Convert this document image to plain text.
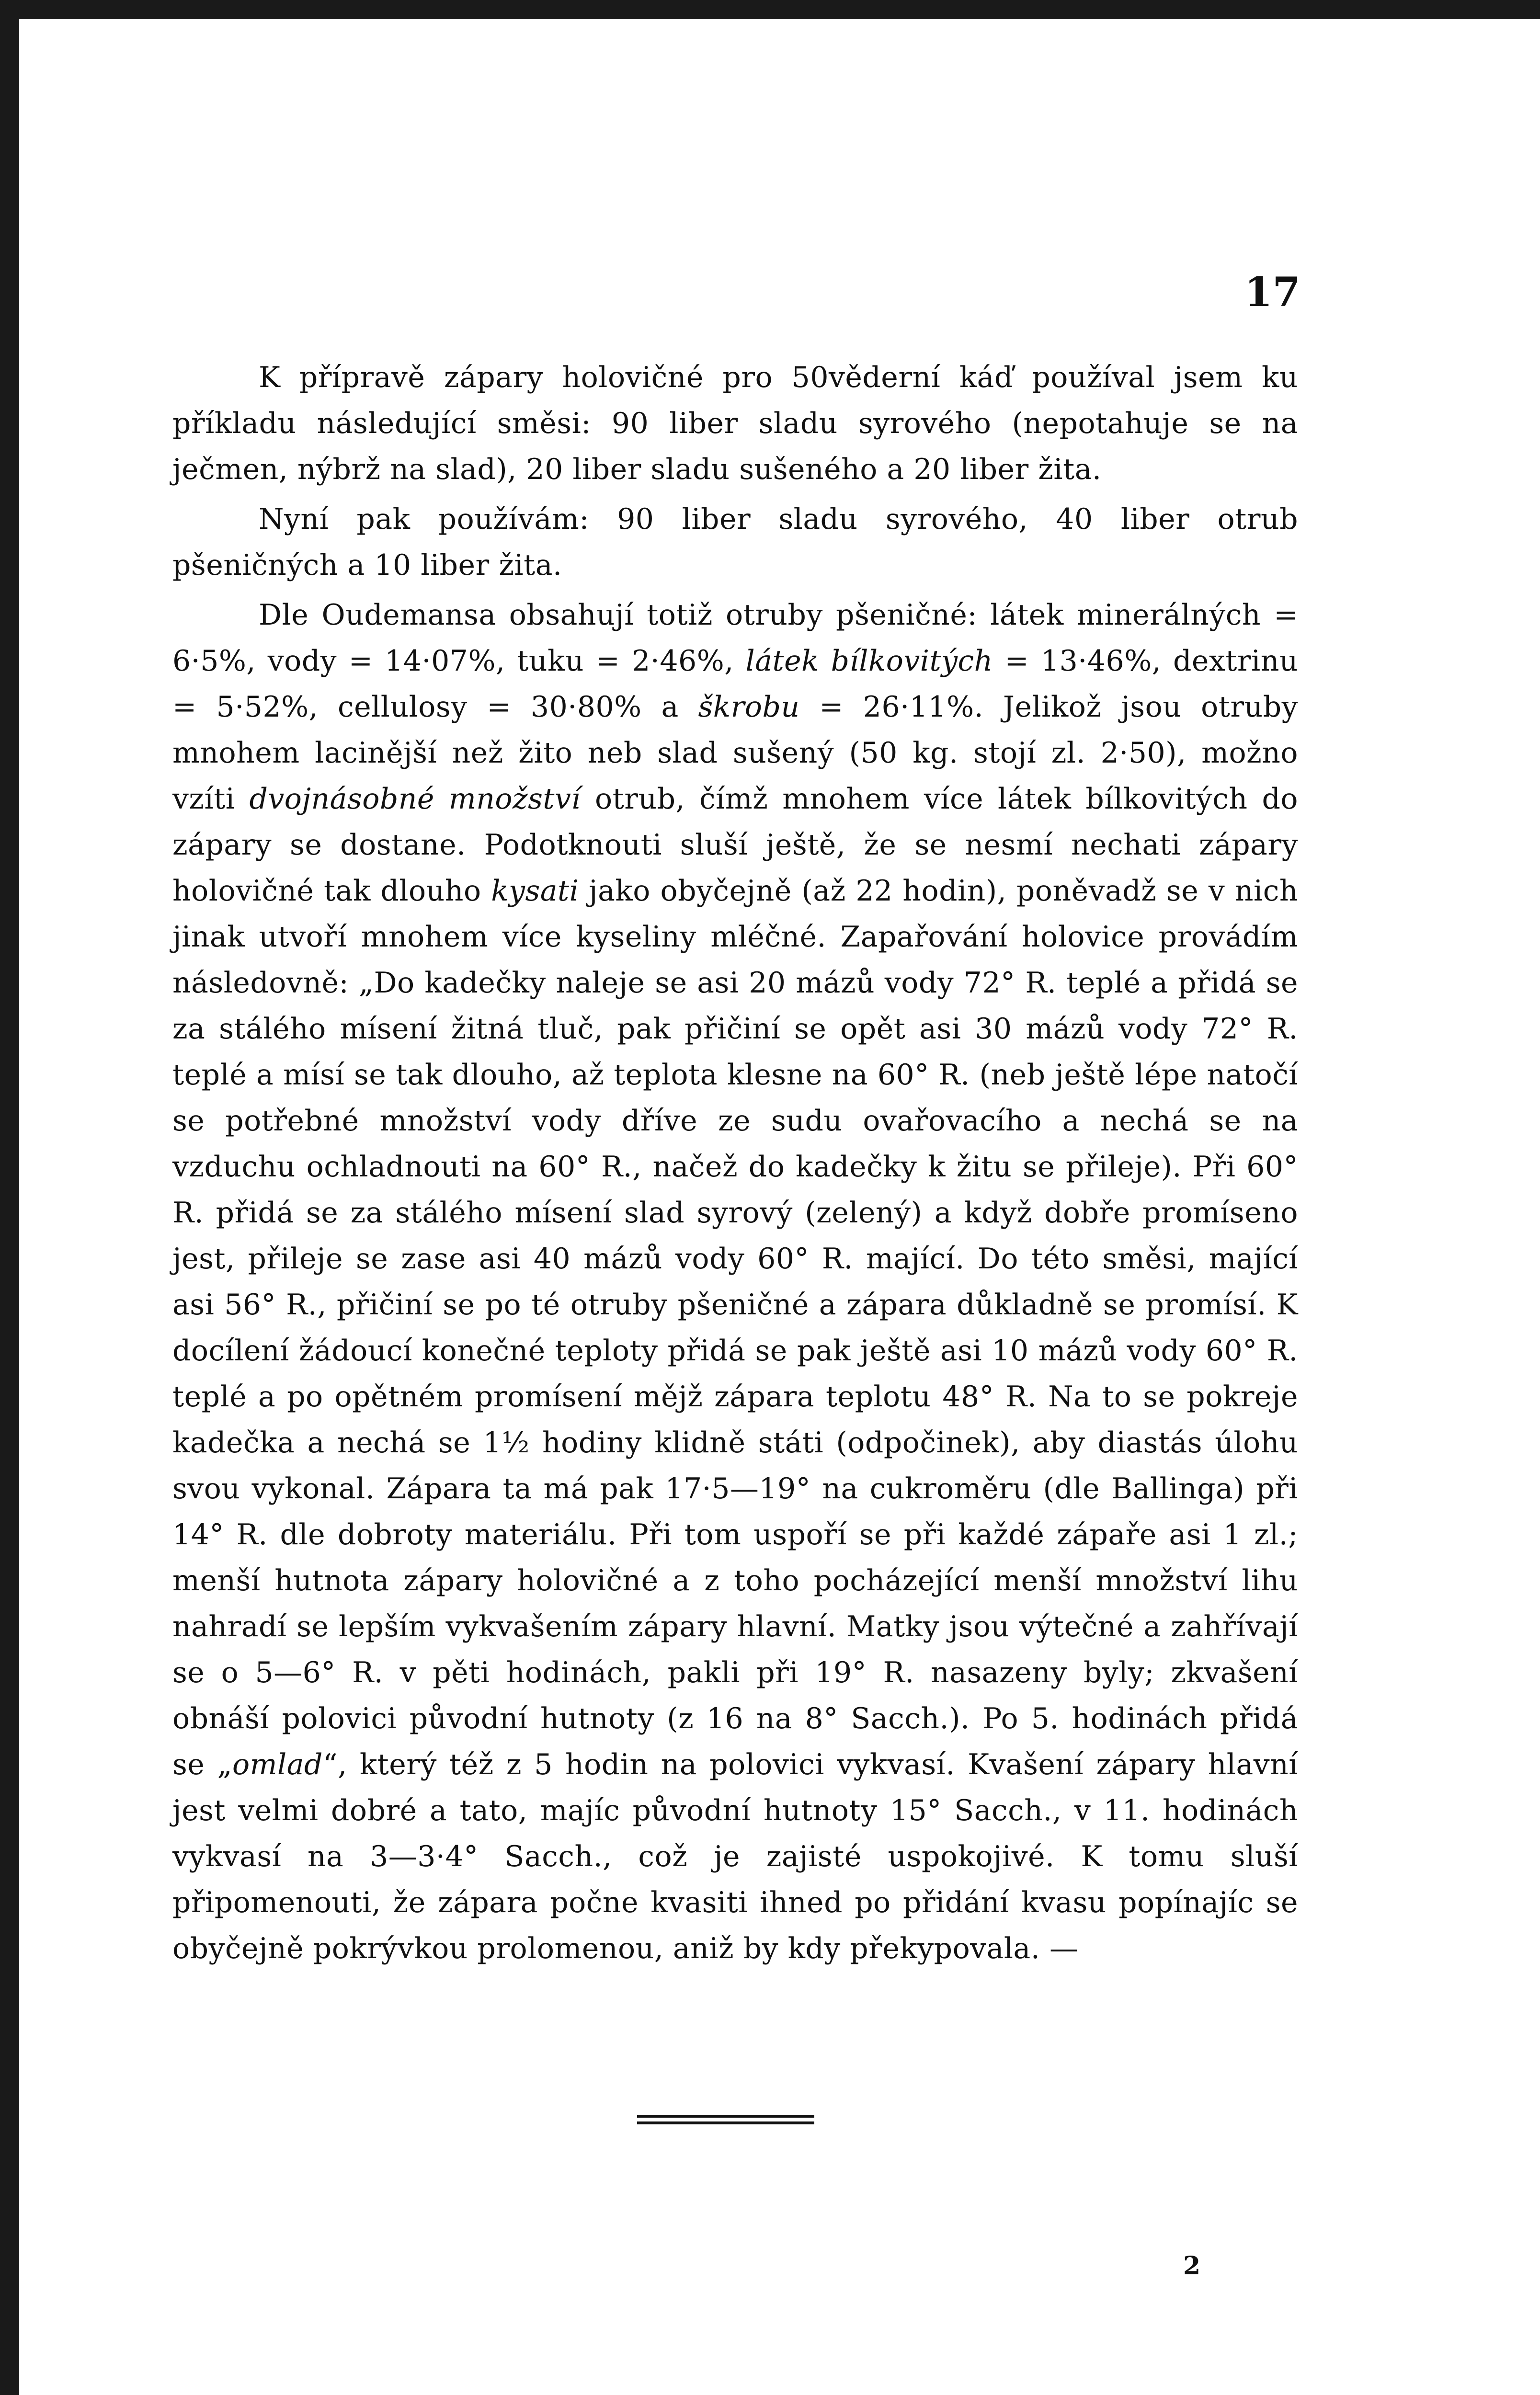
17

K přípravě zápary holovičné pro 50věderní káď používal jsem ku příkladu následující směsi: 90 liber sladu syrového (nepotahuje se na ječmen, nýbrž na slad), 20 liber sladu sušeného a 20 liber žita.

Nyní pak používám: 90 liber sladu syrového, 40 liber otrub pšeničných a 10 liber žita.

Dle Oudemansa obsahují totiž otruby pšeničné: látek minerálných = 6·5%, vody = 14·07%, tuku = 2·46%, látek bílkovitých = 13·46%, dextrinu = 5·52%, cellulosy = 30·80% a škrobu = 26·11%. Jelikož jsou otruby mnohem lacinější než žito neb slad sušený (50 kg. stojí zl. 2·50), možno vzíti dvojnásobné množství otrub, čímž mnohem více látek bílkovitých do zápary se dostane. Podotknouti sluší ještě, že se nesmí nechati zápary holovičné tak dlouho kysati jako obyčejně (až 22 hodin), poněvadž se v nich jinak utvoří mnohem více kyseliny mléčné. Zapařování holovice provádím následovně: „Do kadečky naleje se asi 20 mázů vody 72° R. teplé a přidá se za stálého mísení žitná tluč, pak přičiní se opět asi 30 mázů vody 72° R. teplé a mísí se tak dlouho, až teplota klesne na 60° R. (neb ještě lépe natočí se potřebné množství vody dříve ze sudu ovařovacího a nechá se na vzduchu ochladnouti na 60° R., načež do kadečky k žitu se přileje). Při 60° R. přidá se za stálého mísení slad syrový (zelený) a když dobře promíseno jest, přileje se zase asi 40 mázů vody 60° R. mající. Do této směsi, mající asi 56° R., přičiní se po té otruby pšeničné a zápara důkladně se promísí. K docílení žádoucí konečné teploty přidá se pak ještě asi 10 mázů vody 60° R. teplé a po opětném promísení mějž zápara teplotu 48° R. Na to se pokreje kadečka a nechá se 1½ hodiny klidně státi (odpočinek), aby diastás úlohu svou vykonal. Zápara ta má pak 17·5—19° na cukroměru (dle Ballinga) při 14° R. dle dobroty materiálu. Při tom uspoří se při každé zápaře asi 1 zl.; menší hutnota zápary holovičné a z toho pocházející menší množství lihu nahradí se lepším vykvašením zápary hlavní. Matky jsou výtečné a zahřívají se o 5—6° R. v pěti hodinách, pakli při 19° R. nasazeny byly; zkvašení obnáší polovici původní hutnoty (z 16 na 8° Sacch.). Po 5. hodinách přidá se „omlad“, který též z 5 hodin na polovici vykvasí. Kvašení zápary hlavní jest velmi dobré a tato, majíc původní hutnoty 15° Sacch., v 11. hodinách vykvasí na 3—3·4° Sacch., což je zajisté uspokojivé. K tomu sluší připomenouti, že zápara počne kvasiti ihned po přidání kvasu popínajíc se obyčejně pokrývkou prolomenou, aniž by kdy překypovala. —

2
